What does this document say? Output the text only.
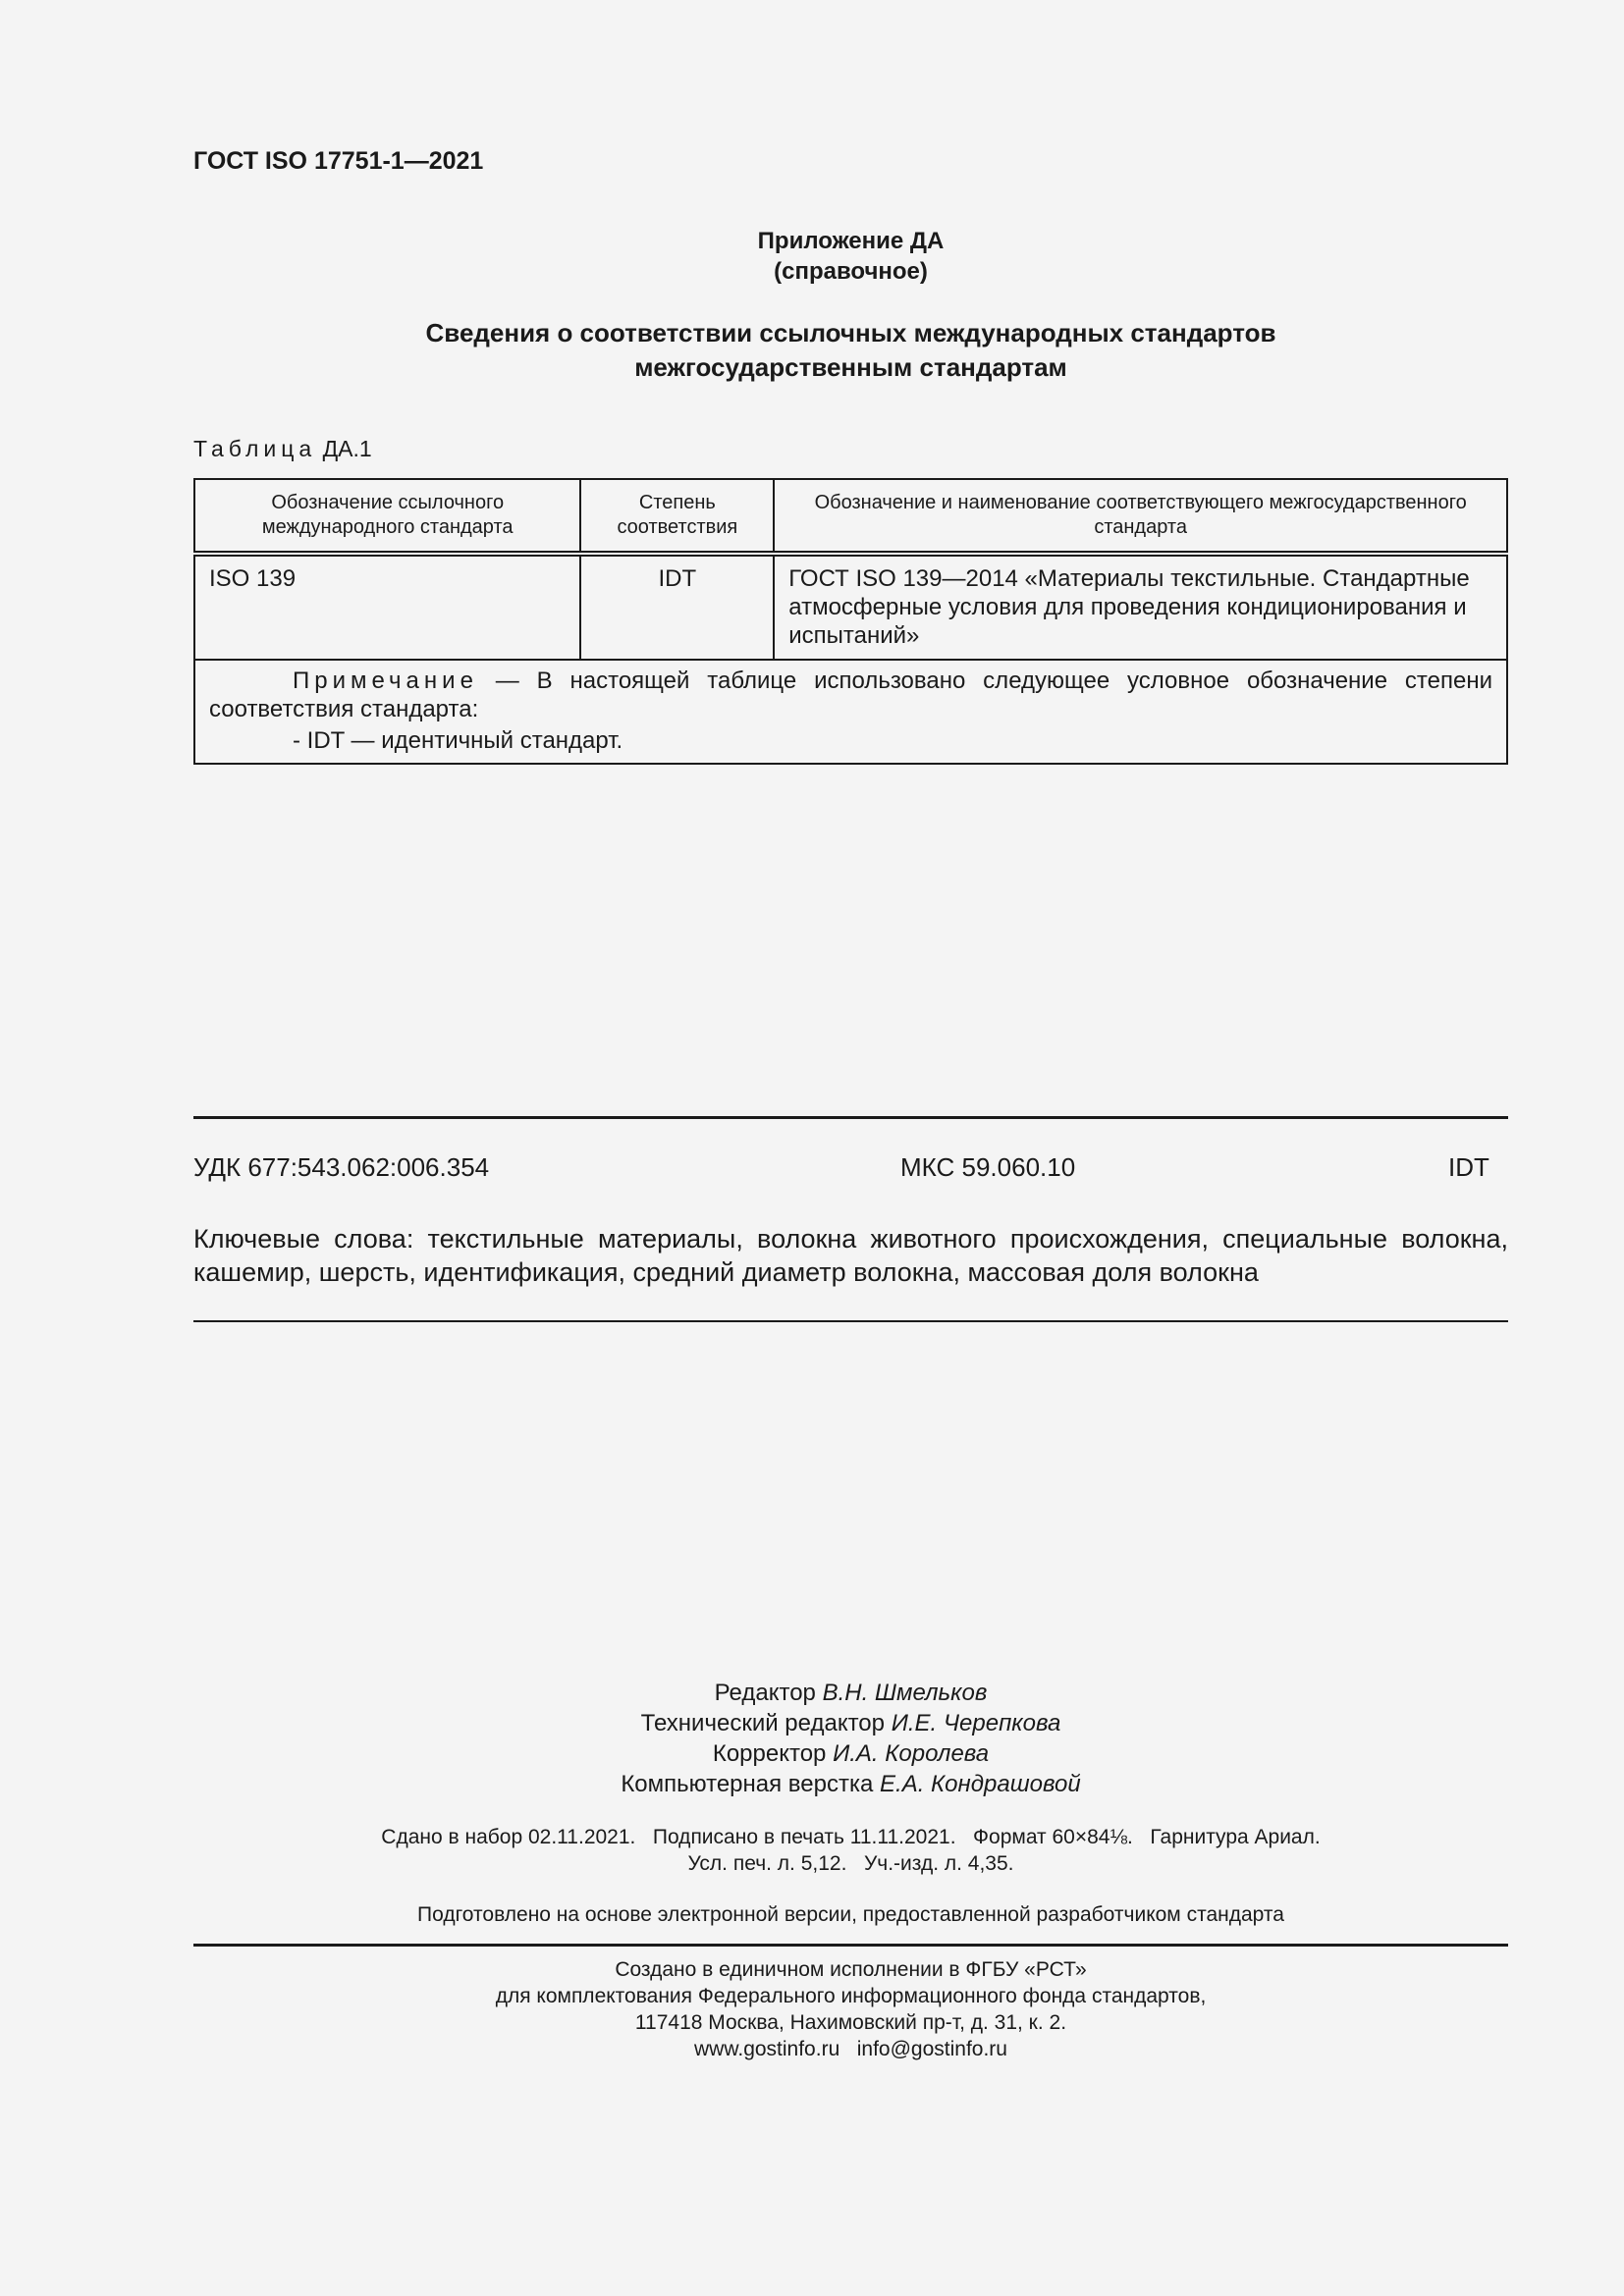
ГОСТ ISO 17751-1—2021
Приложение ДА
(справочное)
Сведения о соответствии ссылочных международных стандартов
межгосударственным стандартам
Таблица ДА.1
Обозначение ссылочного международного стандарта	Степень соответствия	Обозначение и наименование соответствующего межгосударственного стандарта
ISO 139	IDT	ГОСТ ISO 139—2014 «Материалы текстильные. Стандартные атмосферные условия для проведения кондиционирования и испытаний»

Примечание — В настоящей таблице использовано следующее условное обозначение степени соответствия стандарта:
- IDT — идентичный стандарт.		
УДК 677:543.062:006.354	МКС 59.060.10	IDT
Ключевые слова: текстильные материалы, волокна животного происхождения, специальные волокна, кашемир, шерсть, идентификация, средний диаметр волокна, массовая доля волокна
Редактор В.Н. Шмельков
Технический редактор И.Е. Черепкова
Корректор И.А. Королева
Компьютерная верстка Е.А. Кондрашовой
Сдано в набор 02.11.2021.   Подписано в печать 11.11.2021.   Формат 60×84⅛.   Гарнитура Ариал.
Усл. печ. л. 5,12.   Уч.-изд. л. 4,35.
Подготовлено на основе электронной версии, предоставленной разработчиком стандарта
Создано в единичном исполнении в ФГБУ «РСТ»
для комплектования Федерального информационного фонда стандартов,
117418 Москва, Нахимовский пр-т, д. 31, к. 2.
www.gostinfo.ru   info@gostinfo.ru
